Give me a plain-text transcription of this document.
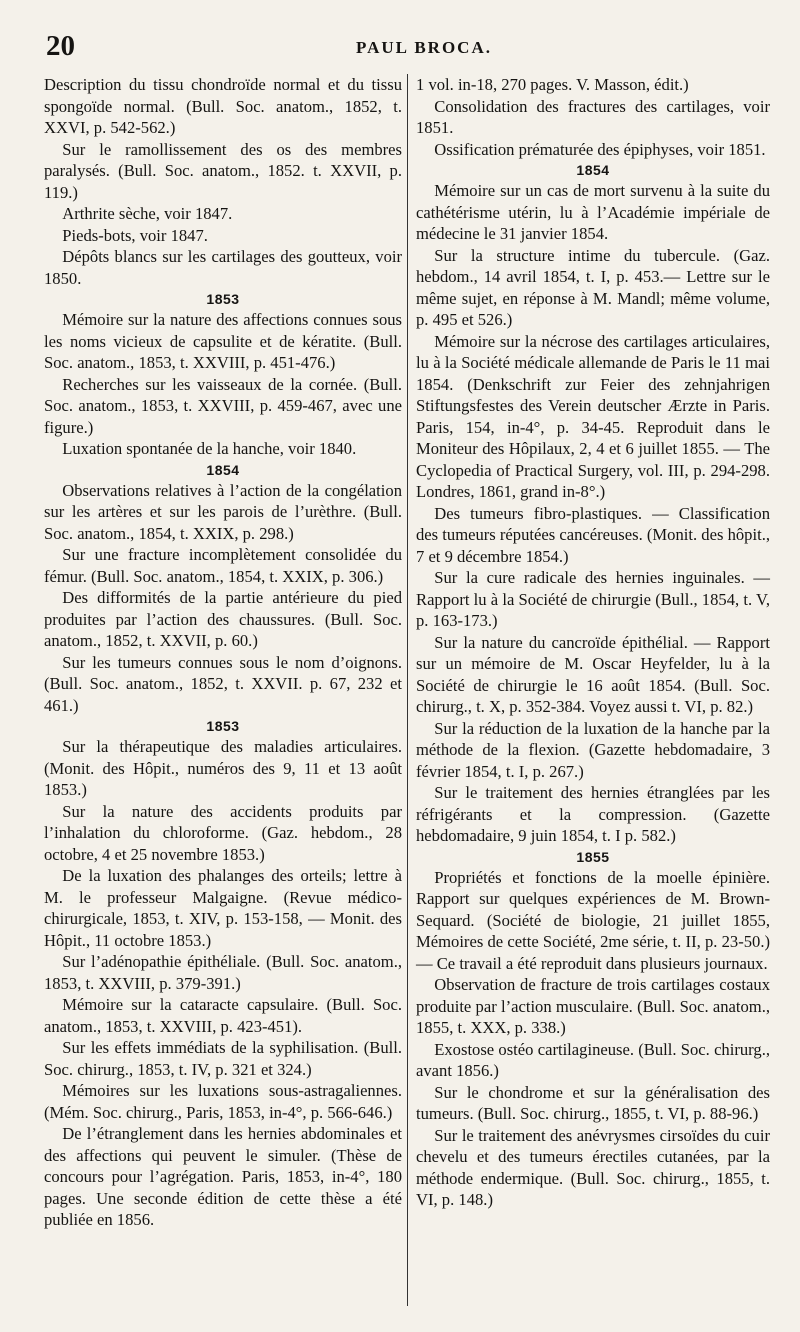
20	PAUL BROCA.
Description du tissu chondroïde normal et du tissu spongoïde normal. (Bull. Soc. anatom., 1852, t. XXVI, p. 542-562.)
Sur le ramollissement des os des membres paralysés. (Bull. Soc. anatom., 1852. t. XXVII, p. 119.)
Arthrite sèche, voir 1847.
Pieds-bots, voir 1847.
Dépôts blancs sur les cartilages des goutteux, voir 1850.
1853
Mémoire sur la nature des affections connues sous les noms vicieux de capsulite et de kératite. (Bull. Soc. anatom., 1853, t. XXVIII, p. 451-476.)
Recherches sur les vaisseaux de la cornée. (Bull. Soc. anatom., 1853, t. XXVIII, p. 459-467, avec une figure.)
Luxation spontanée de la hanche, voir 1840.
1854
Observations relatives à l’action de la congélation sur les artères et sur les parois de l’urèthre. (Bull. Soc. anatom., 1854, t. XXIX, p. 298.)
Sur une fracture incomplètement consolidée du fémur. (Bull. Soc. anatom., 1854, t. XXIX, p. 306.)
Des difformités de la partie antérieure du pied produites par l’action des chaussures. (Bull. Soc. anatom., 1852, t. XXVII, p. 60.)
Sur les tumeurs connues sous le nom d’oignons. (Bull. Soc. anatom., 1852, t. XXVII. p. 67, 232 et 461.)
1853
Sur la thérapeutique des maladies articulaires. (Monit. des Hôpit., numéros des 9, 11 et 13 août 1853.)
Sur la nature des accidents produits par l’inhalation du chloroforme. (Gaz. hebdom., 28 octobre, 4 et 25 novembre 1853.)
De la luxation des phalanges des orteils; lettre à M. le professeur Malgaigne. (Revue médico-chirurgicale, 1853, t. XIV, p. 153-158, — Monit. des Hôpit., 11 octobre 1853.)
Sur l’adénopathie épithéliale. (Bull. Soc. anatom., 1853, t. XXVIII, p. 379-391.)
Mémoire sur la cataracte capsulaire. (Bull. Soc. anatom., 1853, t. XXVIII, p. 423-451).
Sur les effets immédiats de la syphilisation. (Bull. Soc. chirurg., 1853, t. IV, p. 321 et 324.)
Mémoires sur les luxations sous-astragaliennes. (Mém. Soc. chirurg., Paris, 1853, in-4°, p. 566-646.)
De l’étranglement dans les hernies abdominales et des affections qui peuvent le simuler. (Thèse de concours pour l’agrégation. Paris, 1853, in-4°, 180 pages. Une seconde édition de cette thèse a été publiée en 1856.
1 vol. in-18, 270 pages. V. Masson, édit.)
Consolidation des fractures des cartilages, voir 1851.
Ossification prématurée des épiphyses, voir 1851.
1854
Mémoire sur un cas de mort survenu à la suite du cathétérisme utérin, lu à l’Académie impériale de médecine le 31 janvier 1854.
Sur la structure intime du tubercule. (Gaz. hebdom., 14 avril 1854, t. I, p. 453.— Lettre sur le même sujet, en réponse à M. Mandl; même volume, p. 495 et 526.)
Mémoire sur la nécrose des cartilages articulaires, lu à la Société médicale allemande de Paris le 11 mai 1854. (Denkschrift zur Feier des zehnjahrigen Stiftungsfestes des Verein deutscher Ærzte in Paris. Paris, 154, in-4°, p. 34-45. Reproduit dans le Moniteur des Hôpilaux, 2, 4 et 6 juillet 1855. — The Cyclopedia of Practical Surgery, vol. III, p. 294-298. Londres, 1861, grand in-8°.)
Des tumeurs fibro-plastiques. — Classification des tumeurs réputées cancéreuses. (Monit. des hôpit., 7 et 9 décembre 1854.)
Sur la cure radicale des hernies inguinales. — Rapport lu à la Société de chirurgie (Bull., 1854, t. V, p. 163-173.)
Sur la nature du cancroïde épithélial. — Rapport sur un mémoire de M. Oscar Heyfelder, lu à la Société de chirurgie le 16 août 1854. (Bull. Soc. chirurg., t. X, p. 352-384. Voyez aussi t. VI, p. 82.)
Sur la réduction de la luxation de la hanche par la méthode de la flexion. (Gazette hebdomadaire, 3 février 1854, t. I, p. 267.)
Sur le traitement des hernies étranglées par les réfrigérants et la compression. (Gazette hebdomadaire, 9 juin 1854, t. I p. 582.)
1855
Propriétés et fonctions de la moelle épinière. Rapport sur quelques expériences de M. Brown-Sequard. (Société de biologie, 21 juillet 1855, Mémoires de cette Société, 2me série, t. II, p. 23-50.) — Ce travail a été reproduit dans plusieurs journaux.
Observation de fracture de trois cartilages costaux produite par l’action musculaire. (Bull. Soc. anatom., 1855, t. XXX, p. 338.)
Exostose ostéo cartilagineuse. (Bull. Soc. chirurg., avant 1856.)
Sur le chondrome et sur la généralisation des tumeurs. (Bull. Soc. chirurg., 1855, t. VI, p. 88-96.)
Sur le traitement des anévrysmes cirsoïdes du cuir chevelu et des tumeurs érectiles cutanées, par la méthode endermique. (Bull. Soc. chirurg., 1855, t. VI, p. 148.)
